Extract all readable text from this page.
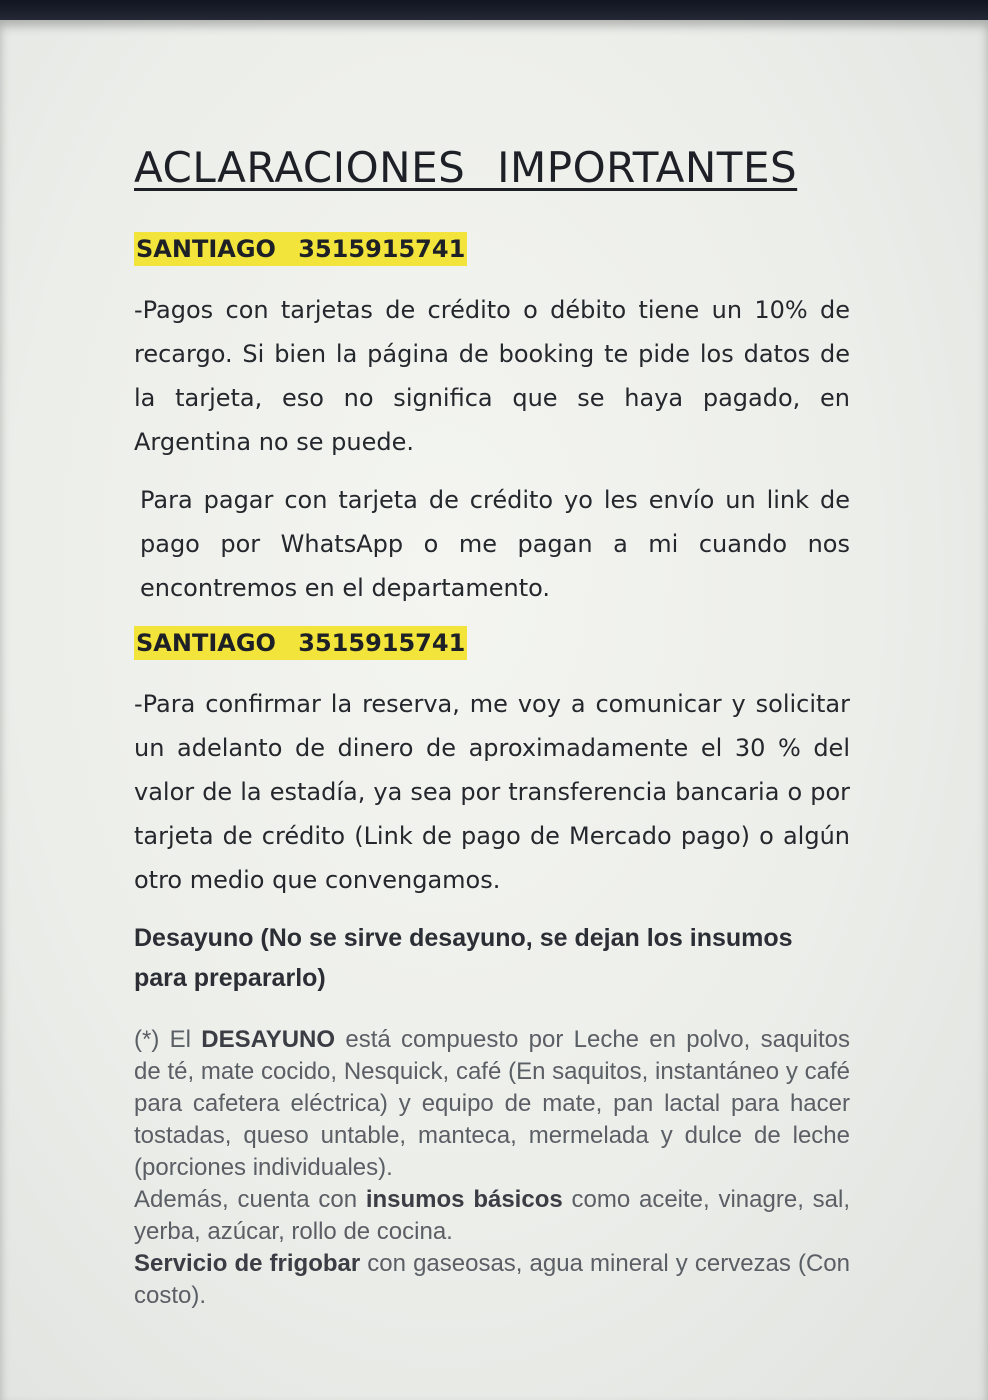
ACLARACIONES IMPORTANTES
SANTIAGO 3515915741

-Pagos con tarjetas de crédito o débito tiene un 10% de recargo. Si bien la página de booking te pide los datos de la tarjeta, eso no significa que se haya pagado, en Argentina no se puede.

Para pagar con tarjeta de crédito yo les envío un link de pago por WhatsApp o me pagan a mi cuando nos encontremos en el departamento.

SANTIAGO 3515915741

-Para confirmar la reserva, me voy a comunicar y solicitar un adelanto de dinero de aproximadamente el 30 % del valor de la estadía, ya sea por transferencia bancaria o por tarjeta de crédito (Link de pago de Mercado pago) o algún otro medio que convengamos.

Desayuno (No se sirve desayuno, se dejan los insumos para prepararlo)

(*) El DESAYUNO está compuesto por Leche en polvo, saquitos de té, mate cocido, Nesquick, café (En saquitos, instantáneo y café para cafetera eléctrica) y equipo de mate, pan lactal para hacer tostadas, queso untable, manteca, mermelada y dulce de leche (porciones individuales).

Además, cuenta con insumos básicos como aceite, vinagre, sal, yerba, azúcar, rollo de cocina.

Servicio de frigobar con gaseosas, agua mineral y cervezas (Con costo).
